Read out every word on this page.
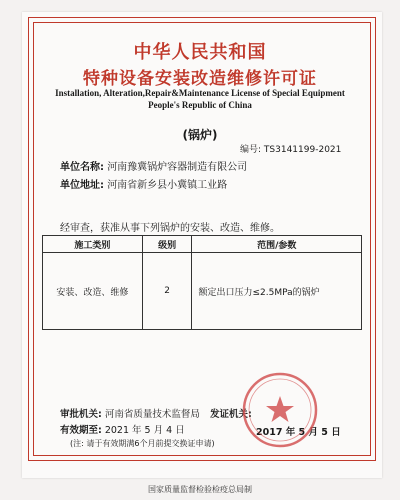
中华人民共和国
特种设备安装改造维修许可证
Installation, Alteration,Repair&Maintenance License of Special Equipment
People's Republic of China
(锅炉)
编号: TS3141199-2021
单位名称: 河南豫冀锅炉容器制造有限公司
单位地址: 河南省新乡县小冀镇工业路
经审查，获准从事下列锅炉的安装、改造、维修。
施工类别	级别	范围/参数
安装、改造、维修	2	额定出口压力≤2.5MPa的锅炉
审批机关: 河南省质量技术监督局
有效期至: 2021 年 5 月 4 日
(注: 请于有效期满6个月前提交换证申请)
发证机关:
2017 年 5 月 5 日
国家质量监督检验检疫总局制
